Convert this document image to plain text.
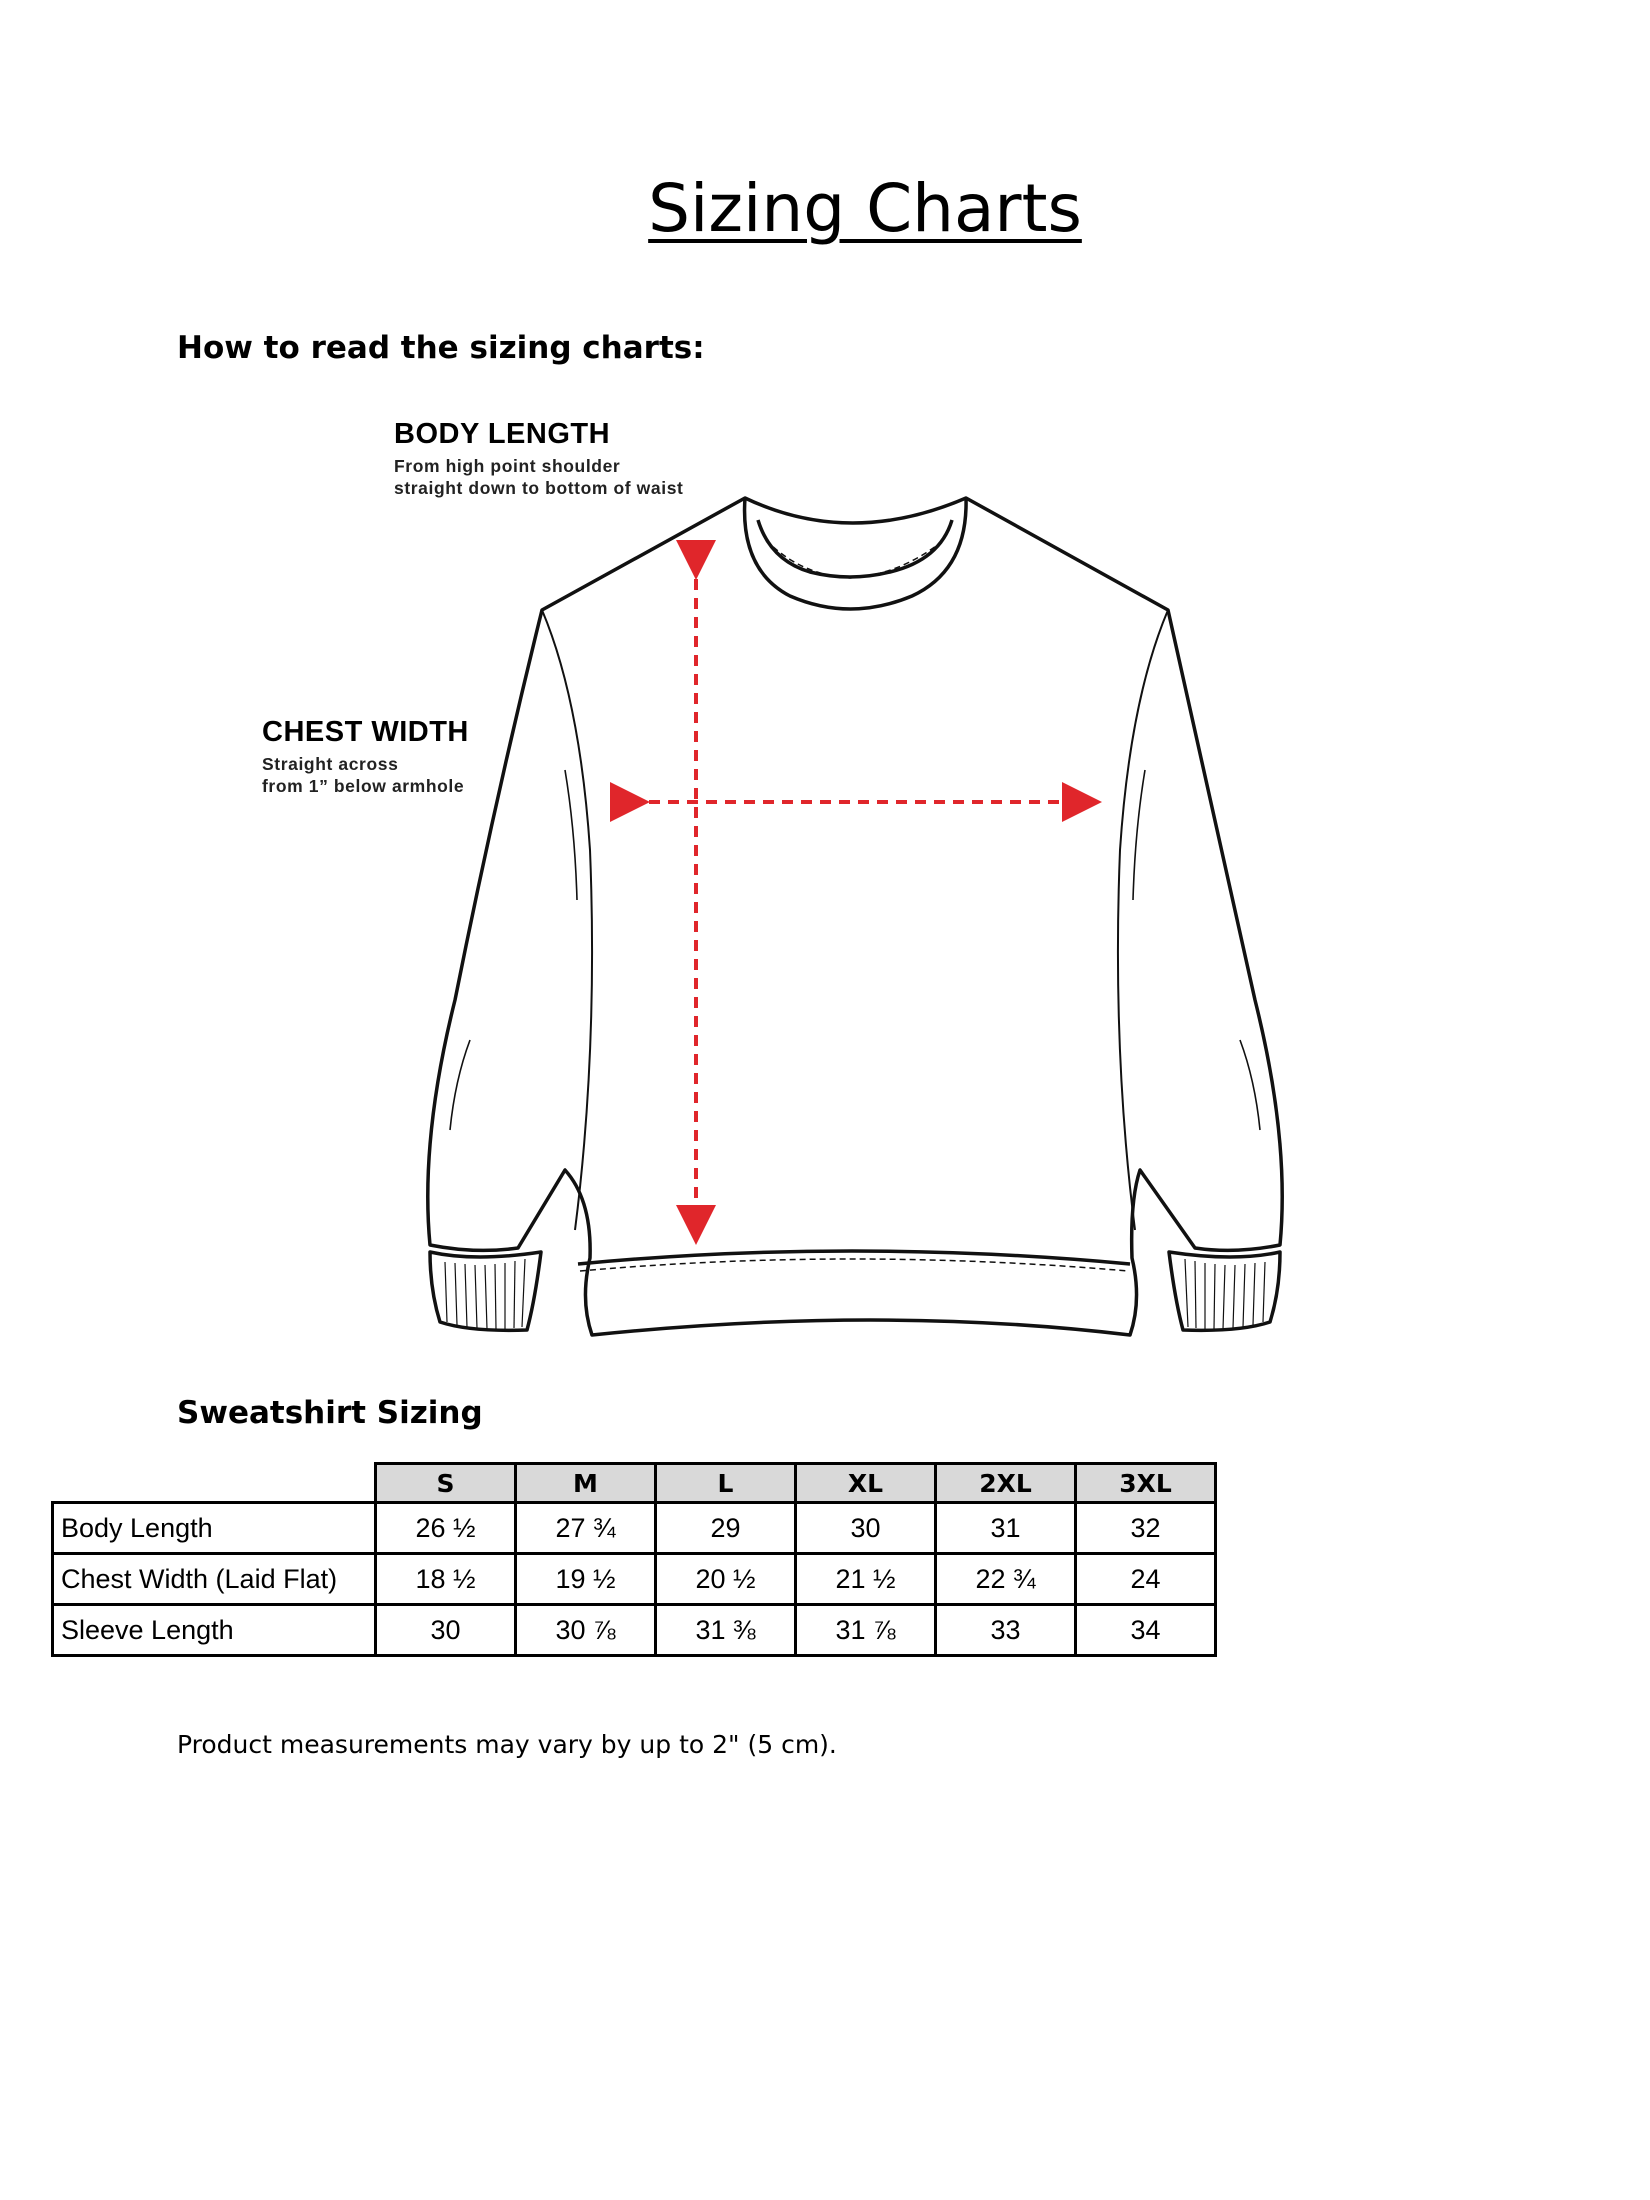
Sizing Charts
How to read the sizing charts:
BODY LENGTH
From high point shoulder
straight down to bottom of waist
CHEST WIDTH
Straight across
from 1” below armhole
Sweatshirt Sizing
	S	M	L	XL	2XL	3XL
Body Length	26 ½	27 ¾	29	30	31	32
Chest Width (Laid Flat)	18 ½	19 ½	20 ½	21 ½	22 ¾	24
Sleeve Length	30	30 ⅞	31 ⅜	31 ⅞	33	34

Product measurements may vary by up to 2" (5 cm).
